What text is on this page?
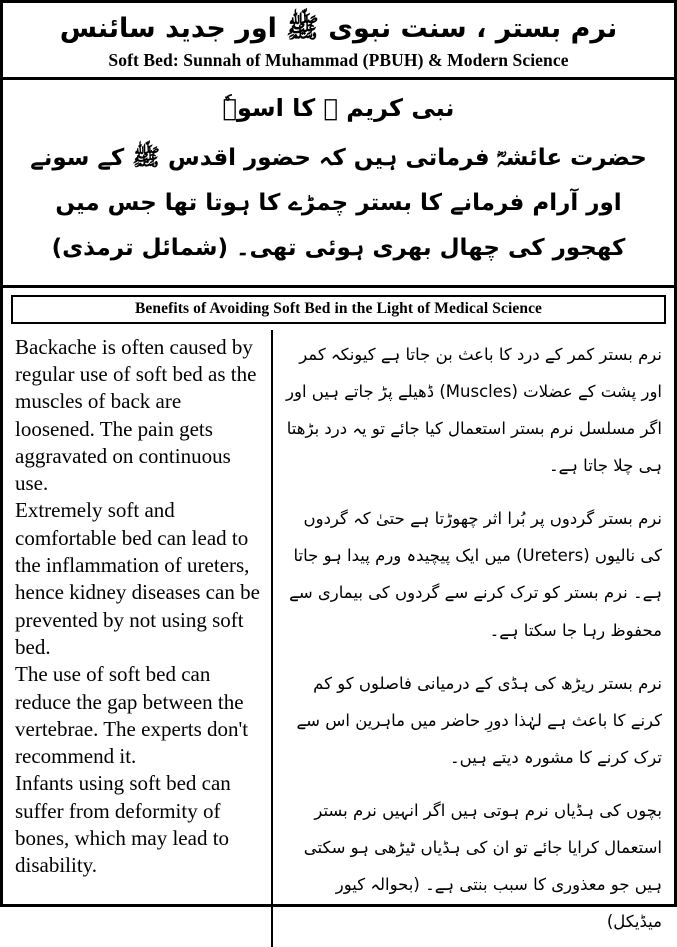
نرم بستر ، سنت نبوی ﷺ اور جدید سائنس
Soft Bed: Sunnah of Muhammad (PBUH) & Modern Science
نبی کریم ﷺ کا اسوہٗ
حضرت عائشہؓ فرماتی ہیں کہ حضور اقدس ﷺ کے سونے اور آرام فرمانے کا بستر چمڑے کا ہوتا تھا جس میں کھجور کی چھال بھری ہوئی تھی۔ (شمائل ترمذی)
Benefits of Avoiding Soft Bed in the Light of Medical Science

Backache is often caused by regular use of soft bed as the muscles of back are loosened. The pain gets aggravated on continuous use.

Extremely soft and comfortable bed can lead to the inflammation of ureters, hence kidney diseases can be prevented by not using soft bed.

The use of soft bed can reduce the gap between the vertebrae. The experts don't recommend it.

Infants using soft bed can suffer from deformity of bones, which may lead to disability.

نرم بستر کمر کے درد کا باعث بن جاتا ہے کیونکہ کمر اور پشت کے عضلات (Muscles) ڈھیلے پڑ جاتے ہیں اور اگر مسلسل نرم بستر استعمال کیا جائے تو یہ درد بڑھتا ہی چلا جاتا ہے۔

نرم بستر گردوں پر بُرا اثر چھوڑتا ہے حتیٰ کہ گردوں کی نالیوں (Ureters) میں ایک پیچیدہ ورم پیدا ہو جاتا ہے۔ نرم بستر کو ترک کرنے سے گردوں کی بیماری سے محفوظ رہا جا سکتا ہے۔

نرم بستر ریڑھ کی ہڈی کے درمیانی فاصلوں کو کم کرنے کا باعث ہے لہٰذا دورِ حاضر میں ماہرین اس سے ترک کرنے کا مشورہ دیتے ہیں۔

بچوں کی ہڈیاں نرم ہوتی ہیں اگر انہیں نرم بستر استعمال کرایا جائے تو ان کی ہڈیاں ٹیڑھی ہو سکتی ہیں جو معذوری کا سبب بنتی ہے۔ (بحوالہ کیور میڈیکل)
